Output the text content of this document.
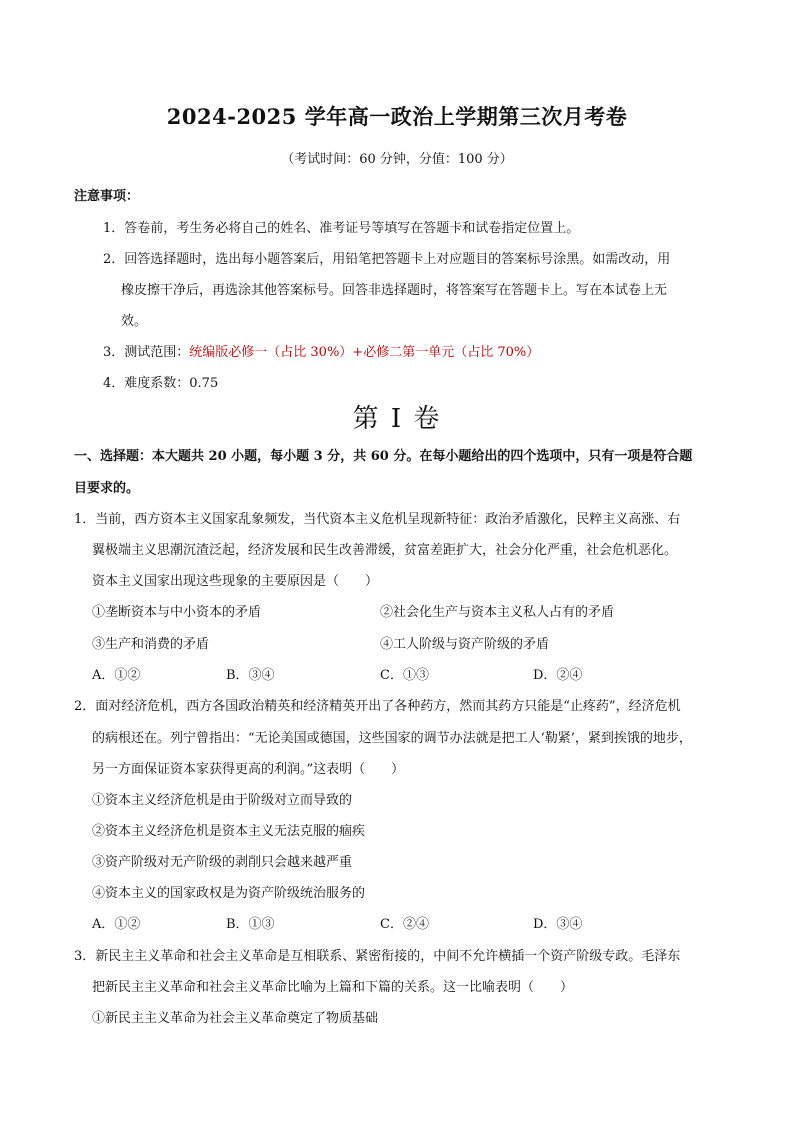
2024-2025 学年高一政治上学期第三次月考卷
（考试时间：60 分钟，分值：100 分）
注意事项：
1．答卷前，考生务必将自己的姓名、准考证号等填写在答题卡和试卷指定位置上。
2．回答选择题时，选出每小题答案后，用铅笔把答题卡上对应题目的答案标号涂黑。如需改动，用
橡皮擦干净后，再选涂其他答案标号。回答非选择题时，将答案写在答题卡上。写在本试卷上无
效。
3．测试范围：统编版必修一（占比 30%）+必修二第一单元（占比 70%）
4．难度系数：0.75
第 I 卷
一、选择题：本大题共 20 小题，每小题 3 分，共 60 分。在每小题给出的四个选项中，只有一项是符合题
目要求的。
1．当前，西方资本主义国家乱象频发，当代资本主义危机呈现新特征：政治矛盾激化，民粹主义高涨、右
翼极端主义思潮沉渣泛起，经济发展和民生改善滞缓，贫富差距扩大，社会分化严重，社会危机恶化。
资本主义国家出现这些现象的主要原因是（　　）
①垄断资本与中小资本的矛盾	②社会化生产与资本主义私人占有的矛盾
③生产和消费的矛盾	④工人阶级与资产阶级的矛盾
A．①②	B．③④	C．①③	D．②④
2．面对经济危机，西方各国政治精英和经济精英开出了各种药方，然而其药方只能是“止疼药”，经济危机
的病根还在。列宁曾指出：“无论美国或德国，这些国家的调节办法就是把工人‘勒紧’，紧到挨饿的地步，
另一方面保证资本家获得更高的利润。”这表明（　　）
①资本主义经济危机是由于阶级对立而导致的
②资本主义经济危机是资本主义无法克服的痼疾
③资产阶级对无产阶级的剥削只会越来越严重
④资本主义的国家政权是为资产阶级统治服务的
A．①②	B．①③	C．②④	D．③④
3．新民主主义革命和社会主义革命是互相联系、紧密衔接的，中间不允许横插一个资产阶级专政。毛泽东
把新民主主义革命和社会主义革命比喻为上篇和下篇的关系。这一比喻表明（　　）
①新民主主义革命为社会主义革命奠定了物质基础
